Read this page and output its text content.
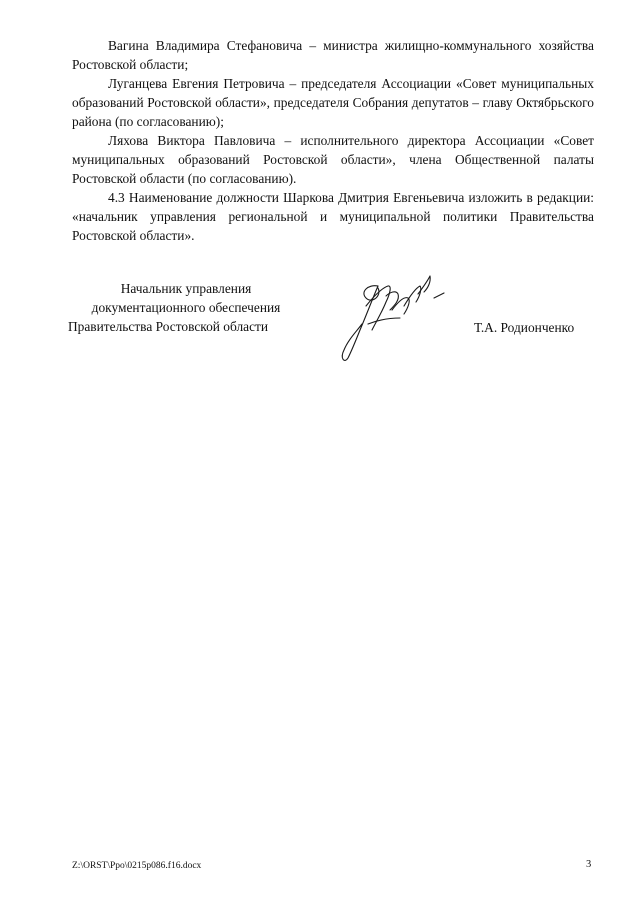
Вагина Владимира Стефановича – министра жилищно-коммунального хозяйства Ростовской области;

Луганцева Евгения Петровича – председателя Ассоциации «Совет муниципальных образований Ростовской области», председателя Собрания депутатов – главу Октябрьского района (по согласованию);

Ляхова Виктора Павловича – исполнительного директора Ассоциации «Совет муниципальных образований Ростовской области», члена Общественной палаты Ростовской области (по согласованию).

4.3 Наименование должности Шаркова Дмитрия Евгеньевича изложить в редакции: «начальник управления региональной и муниципальной политики Правительства Ростовской области».

Начальник управления
документационного обеспечения
Правительства Ростовской области	Т.А. Родионченко
Z:\ORST\Ppo\0215p086.f16.docx	3
